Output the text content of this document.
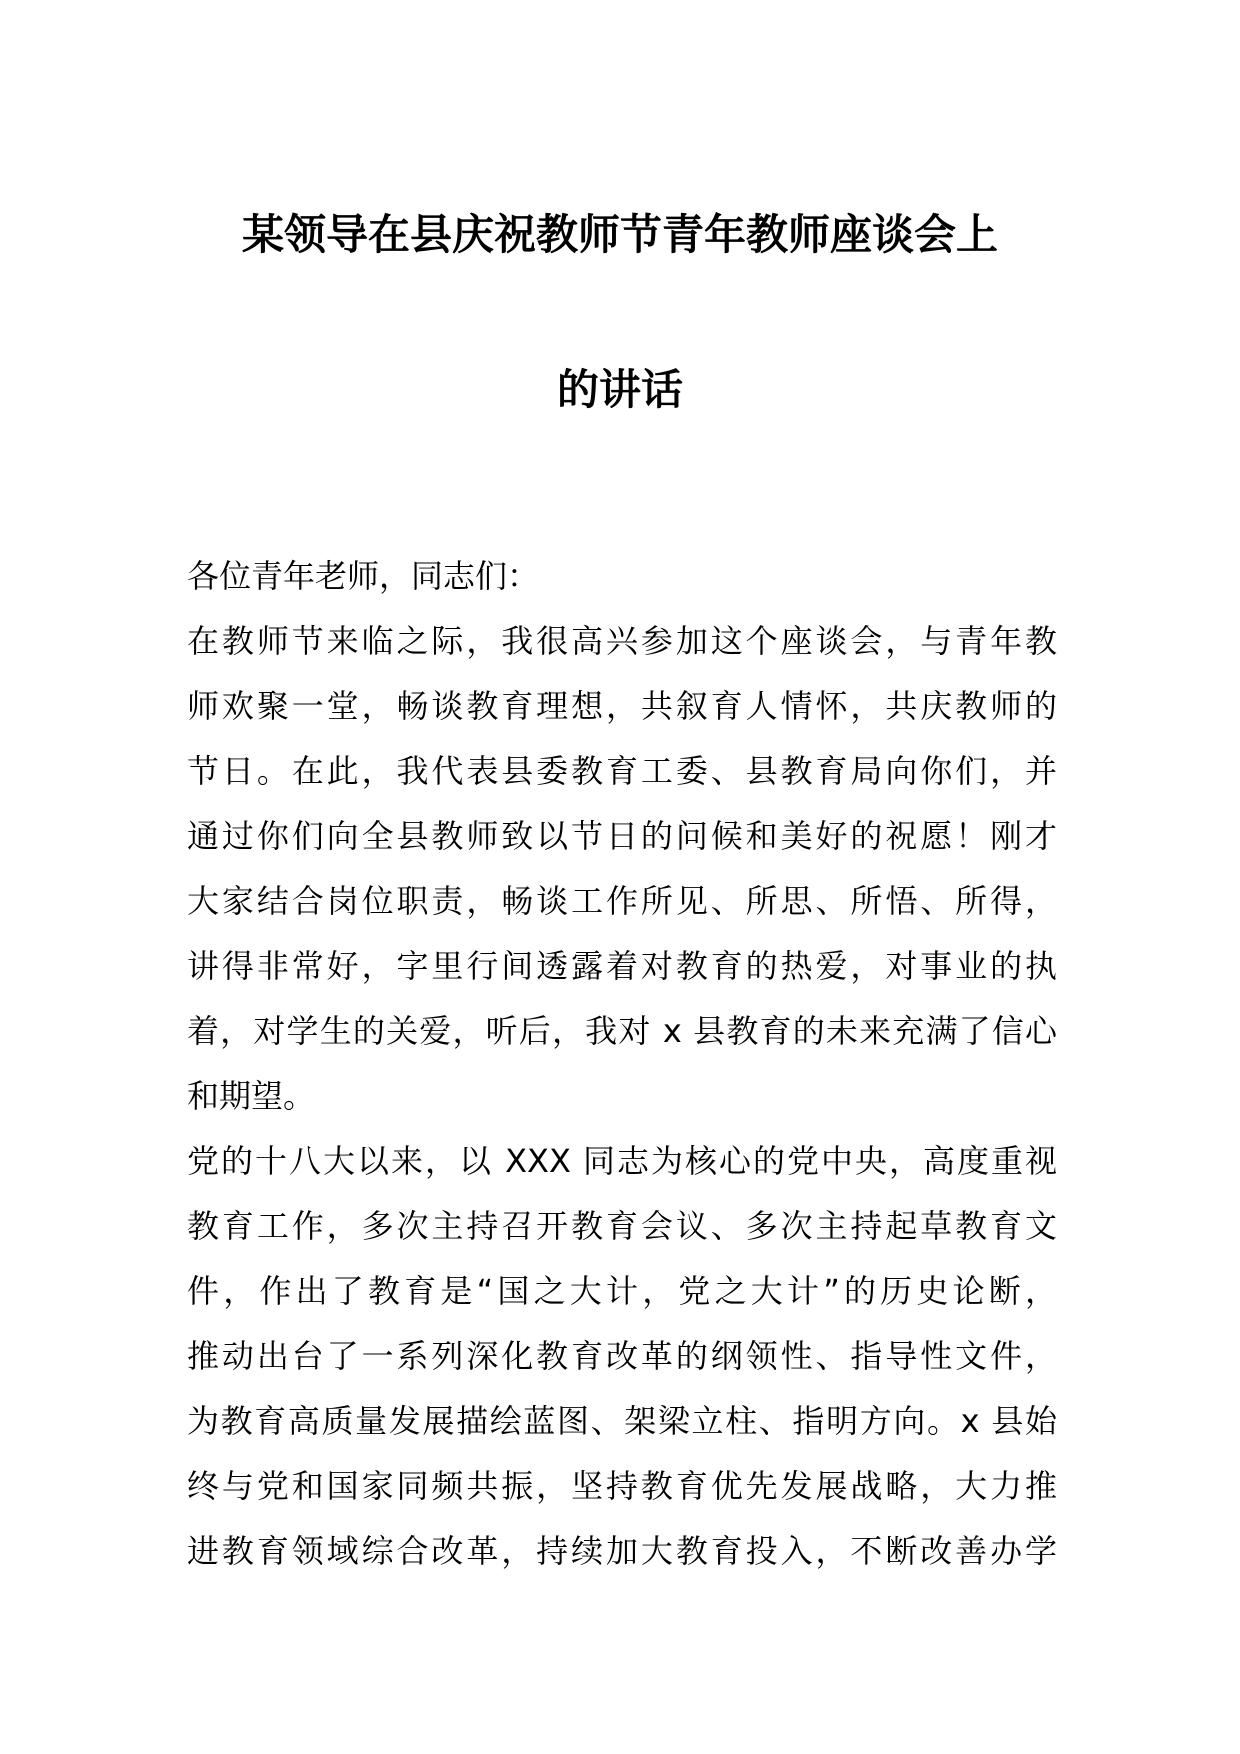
某领导在县庆祝教师节青年教师座谈会上
的讲话

各位青年老师，同志们：

在教师节来临之际，我很高兴参加这个座谈会，与青年教
师欢聚一堂，畅谈教育理想，共叙育人情怀，共庆教师的
节日。在此，我代表县委教育工委、县教育局向你们，并
通过你们向全县教师致以节日的问候和美好的祝愿！刚才
大家结合岗位职责，畅谈工作所见、所思、所悟、所得，
讲得非常好，字里行间透露着对教育的热爱，对事业的执
着，对学生的关爱，听后，我对 x 县教育的未来充满了信心
和期望。

党的十八大以来，以 XXX 同志为核心的党中央，高度重视
教育工作，多次主持召开教育会议、多次主持起草教育文
件，作出了教育是“国之大计，党之大计”的历史论断，
推动出台了一系列深化教育改革的纲领性、指导性文件，
为教育高质量发展描绘蓝图、架梁立柱、指明方向。x 县始
终与党和国家同频共振，坚持教育优先发展战略，大力推
进教育领域综合改革，持续加大教育投入，不断改善办学
